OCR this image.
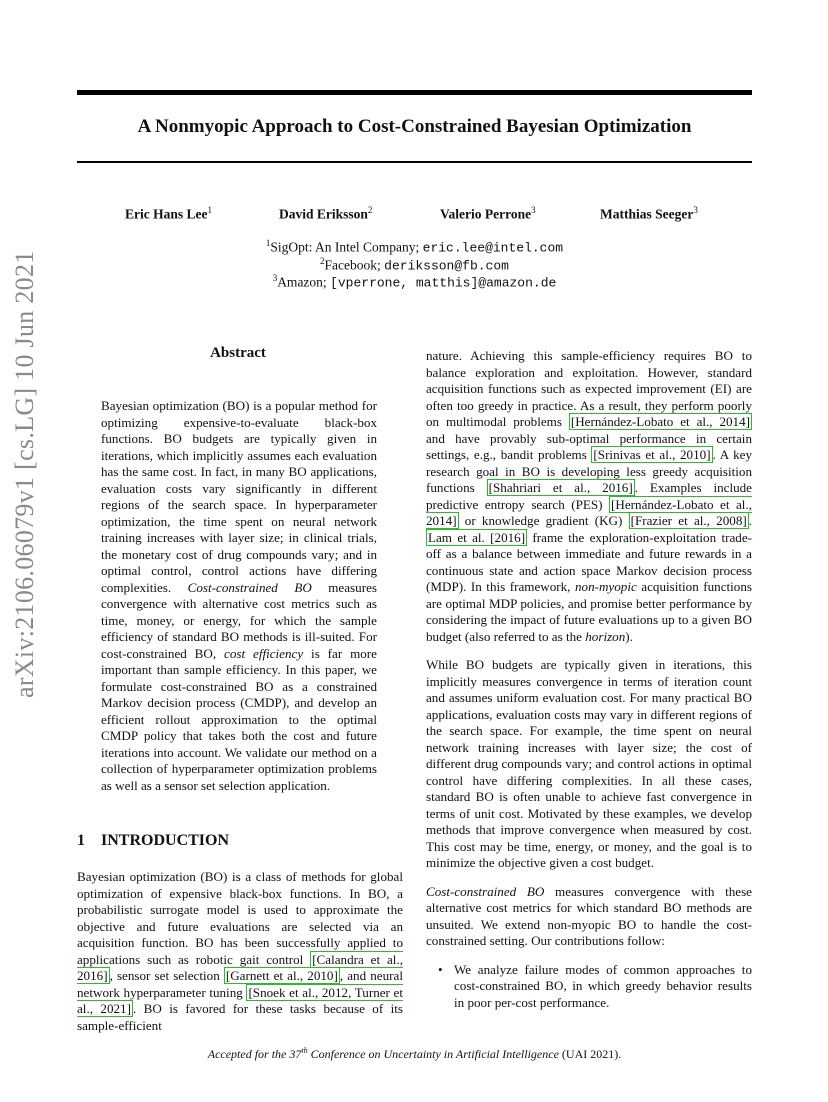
arXiv:2106.06079v1 [cs.LG] 10 Jun 2021
A Nonmyopic Approach to Cost-Constrained Bayesian Optimization
Eric Hans Lee$^1$	David Eriksson$^2$	Valerio Perrone$^3$	Matthias Seeger$^3$
$^1$SigOpt: An Intel Company; eric.lee@intel.com
$^2$Facebook; deriksson@fb.com
$^3$Amazon; [vperrone, matthis]@amazon.de
Abstract

Bayesian optimization (BO) is a popular method for optimizing expensive-to-evaluate black-box functions. BO budgets are typically given in iterations, which implicitly assumes each evaluation has the same cost. In fact, in many BO applications, evaluation costs vary significantly in different regions of the search space. In hyperparameter optimization, the time spent on neural network training increases with layer size; in clinical trials, the monetary cost of drug compounds vary; and in optimal control, control actions have differing complexities. Cost-constrained BO measures convergence with alternative cost metrics such as time, money, or energy, for which the sample efficiency of standard BO methods is ill-suited. For cost-constrained BO, cost efficiency is far more important than sample efficiency. In this paper, we formulate cost-constrained BO as a constrained Markov decision process (CMDP), and develop an efficient rollout approximation to the optimal CMDP policy that takes both the cost and future iterations into account. We validate our method on a collection of hyperparameter optimization problems as well as a sensor set selection application.

1 INTRODUCTION

Bayesian optimization (BO) is a class of methods for global optimization of expensive black-box functions. In BO, a probabilistic surrogate model is used to approximate the objective and future evaluations are selected via an acquisition function. BO has been successfully applied to applications such as robotic gait control [Calandra et al., 2016] , sensor set selection [Garnett et al., 2010] , and neural network hyperparameter tuning [Snoek et al., 2012, Turner et al., 2021] . BO is favored for these tasks because of its sample-efficient

nature. Achieving this sample-efficiency requires BO to balance exploration and exploitation. However, standard acquisition functions such as expected improvement (EI) are often too greedy in practice. As a result, they perform poorly on multimodal problems [Hernández-Lobato et al., 2014] and have provably sub-optimal performance in certain settings, e.g., bandit problems [Srinivas et al., 2010] . A key research goal in BO is developing less greedy acquisition functions [Shahriari et al., 2016] . Examples include predictive entropy search (PES) [Hernández-Lobato et al., 2014] or knowledge gradient (KG) [Frazier et al., 2008] . Lam et al. [2016] frame the exploration-exploitation trade-off as a balance between immediate and future rewards in a continuous state and action space Markov decision process (MDP). In this framework, non-myopic acquisition functions are optimal MDP policies, and promise better performance by considering the impact of future evaluations up to a given BO budget (also referred to as the horizon).

While BO budgets are typically given in iterations, this implicitly measures convergence in terms of iteration count and assumes uniform evaluation cost. For many practical BO applications, evaluation costs may vary in different regions of the search space. For example, the time spent on neural network training increases with layer size; the cost of different drug compounds vary; and control actions in optimal control have differing complexities. In all these cases, standard BO is often unable to achieve fast convergence in terms of unit cost. Motivated by these examples, we develop methods that improve convergence when measured by cost. This cost may be time, energy, or money, and the goal is to minimize the objective given a cost budget.

Cost-constrained BO measures convergence with these alternative cost metrics for which standard BO methods are unsuited. We extend non-myopic BO to handle the cost-constrained setting. Our contributions follow:

• We analyze failure modes of common approaches to cost-constrained BO, in which greedy behavior results in poor per-cost performance.
Accepted for the 37th Conference on Uncertainty in Artificial Intelligence (UAI 2021).
